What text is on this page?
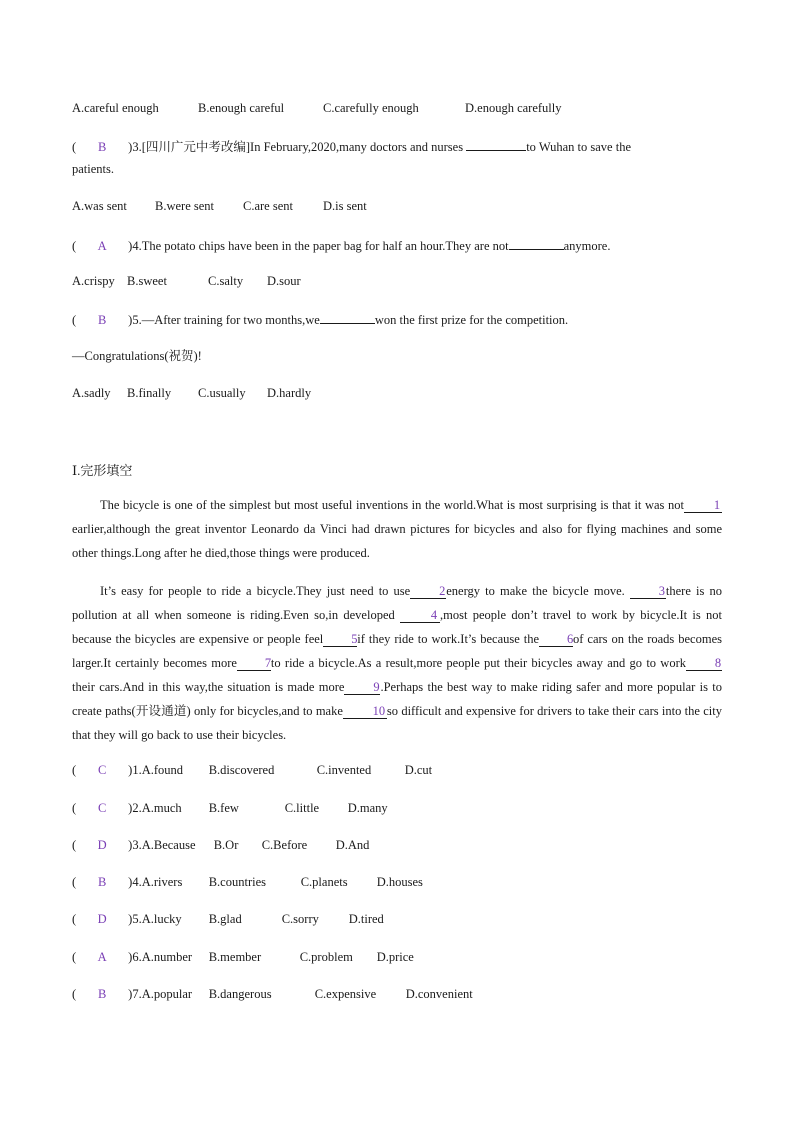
A.careful enough	B.enough careful	C.carefully enough	D.enough carefully
( B )3.[四川广元中考改编]In February,2020,many doctors and nurses	to Wuhan to save the
patients.
A.was sent B.were sent C.are sent D.is sent
( A )4.The potato chips have been in the paper bag for half an hour.They are not	anymore.
A.crispy B.sweet	C.salty D.sour
( B )5.—After training for two months,we	won the first prize for the competition.
—Congratulations(祝贺)!
A.sadly B.finally C.usually D.hardly
Ⅰ.完形填空
The bicycle is one of the simplest but most useful inventions in the world.What is most surprising is that it was not 1earlier,although the great inventor Leonardo da Vinci had drawn pictures for bicycles and also for flying machines and some other things.Long after he died,those things were produced.
It’s easy for people to ride a bicycle.They just need to use 2energy to make the bicycle move.	3there is no pollution at all when someone is riding.Even so,in developed	4 ,most people don’t travel to work by bicycle.It is not because the bicycles are expensive or people feel 5if they ride to work.It’s because the 6of cars on the roads becomes larger.It certainly becomes more 7to ride a bicycle.As a result,more people put their bicycles away and go to work 8their cars.And in this way,the situation is made more 9.Perhaps the best way to make riding safer and more popular is to create paths(开设通道) only for bicycles,and to make 10 so difficult and expensive for drivers to take their cars into the city that they will go back to use their bicycles.
( C )1.A.found B.discovered	C.invented	D.cut
( C )2.A.much B.few	C.little D.many
( D )3.A.Because B.Or C.Before D.And
( B )4.A.rivers B.countries	C.planets D.houses
( D )5.A.lucky B.glad	C.sorry D.tired
( A )6.A.number B.member	C.problem D.price
( B )7.A.popular B.dangerous	C.expensive D.convenient
